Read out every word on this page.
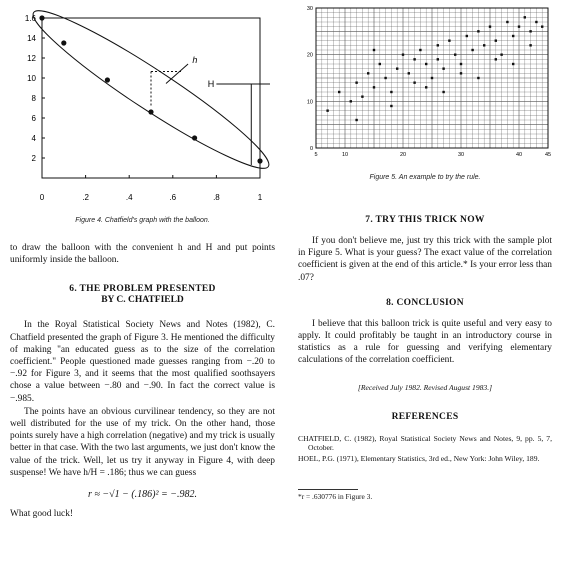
2
4
6
8
10
12
14
1.6
0	.2	.4	.6	.8	1
h
H
Figure 4. Chatfield's graph with the balloon.

to draw the balloon with the convenient h and H and put points uniformly inside the balloon.

6. THE PROBLEM PRESENTED
BY C. CHATFIELD

In the Royal Statistical Society News and Notes (1982), C. Chatfield presented the graph of Figure 3. He mentioned the difficulty of making "an educated guess as to the size of the correlation coefficient." People questioned made guesses ranging from −.20 to −.92 for Figure 3, and it seems that the most qualified soothsayers chose a value between −.80 and −.90. In fact the correct value is −.985.

The points have an obvious curvilinear tendency, so they are not well distributed for the use of my trick. On the other hand, those points surely have a high correlation (negative) and my trick is usually better in that case. With the two last arguments, we just don't know the value of the trick. Well, let us try it anyway in Figure 4, with deep suspense! We have h/H = .186; thus we can guess

r ≈ −√1 − (.186)² = −.982.

What good luck!

0
10
20
30
5	10	20	30	40	45
Figure 5. An example to try the rule.
7. TRY THIS TRICK NOW

If you don't believe me, just try this trick with the sample plot in Figure 5. What is your guess? The exact value of the correlation coefficient is given at the end of this article.* Is your error less than .07?

8. CONCLUSION

I believe that this balloon trick is quite useful and very easy to apply. It could profitably be taught in an introductory course in statistics as a rule for guessing and verifying elementary calculations of the correlation coefficient.

[Received July 1982. Revised August 1983.]
REFERENCES

CHATFIELD, C. (1982), Royal Statistical Society News and Notes, 9, pp. 5, 7, October.

HOEL, P.G. (1971), Elementary Statistics, 3rd ed., New York: John Wiley, 189.

*r = .630776 in Figure 3.
